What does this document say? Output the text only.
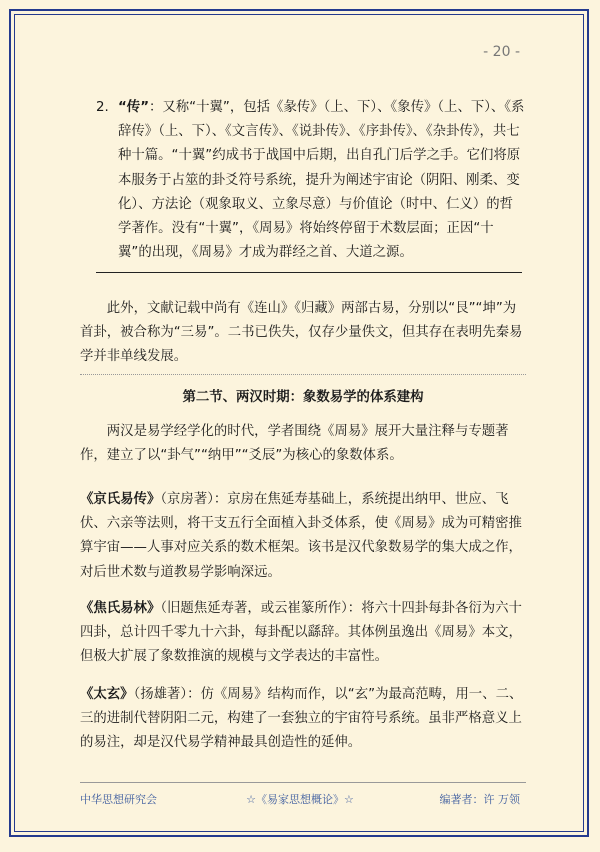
- 20 -
2. “传”：又称“十翼”，包括《彖传》（上、下）、《象传》（上、下）、《系辞传》（上、下）、《文言传》、《说卦传》、《序卦传》、《杂卦传》，共七种十篇。“十翼”约成书于战国中后期，出自孔门后学之手。它们将原本服务于占筮的卦爻符号系统，提升为阐述宇宙论（阴阳、刚柔、变化）、方法论（观象取义、立象尽意）与价值论（时中、仁义）的哲学著作。没有“十翼”，《周易》将始终停留于术数层面；正因“十翼”的出现，《周易》才成为群经之首、大道之源。
此外，文献记载中尚有《连山》《归藏》两部古易，分别以“艮”“坤”为首卦，被合称为“三易”。二书已佚失，仅存少量佚文，但其存在表明先秦易学并非单线发展。
第二节、两汉时期：象数易学的体系建构
两汉是易学经学化的时代，学者围绕《周易》展开大量注释与专题著作，建立了以“卦气”“纳甲”“爻辰”为核心的象数体系。
《京氏易传》（京房著）：京房在焦延寿基础上，系统提出纳甲、世应、飞伏、六亲等法则，将干支五行全面植入卦爻体系，使《周易》成为可精密推算宇宙——人事对应关系的数术框架。该书是汉代象数易学的集大成之作，对后世术数与道教易学影响深远。
《焦氏易林》（旧题焦延寿著，或云崔篆所作）：将六十四卦每卦各衍为六十四卦，总计四千零九十六卦，每卦配以繇辞。其体例虽逸出《周易》本文，但极大扩展了象数推演的规模与文学表达的丰富性。
《太玄》（扬雄著）：仿《周易》结构而作，以“玄”为最高范畴，用一、二、三的进制代替阴阳二元，构建了一套独立的宇宙符号系统。虽非严格意义上的易注，却是汉代易学精神最具创造性的延伸。
中华思想研究会	☆《易家思想概论》☆	编著者：许 万领
